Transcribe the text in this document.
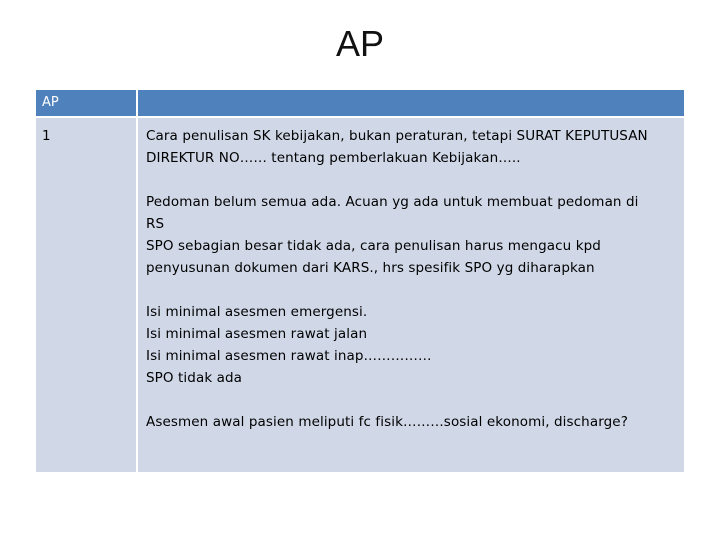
AP
AP
1	Cara penulisan SK kebijakan, bukan peraturan, tetapi SURAT KEPUTUSAN
DIREKTUR NO…… tentang pemberlakuan Kebijakan…..
Pedoman belum semua ada. Acuan yg ada untuk membuat pedoman di
RS
SPO sebagian besar tidak ada, cara penulisan harus mengacu kpd
penyusunan dokumen dari KARS., hrs spesifik SPO yg diharapkan
Isi minimal asesmen emergensi.
Isi minimal asesmen rawat jalan
Isi minimal asesmen rawat inap……………
SPO tidak ada
Asesmen awal pasien meliputi fc fisik………sosial ekonomi, discharge?
